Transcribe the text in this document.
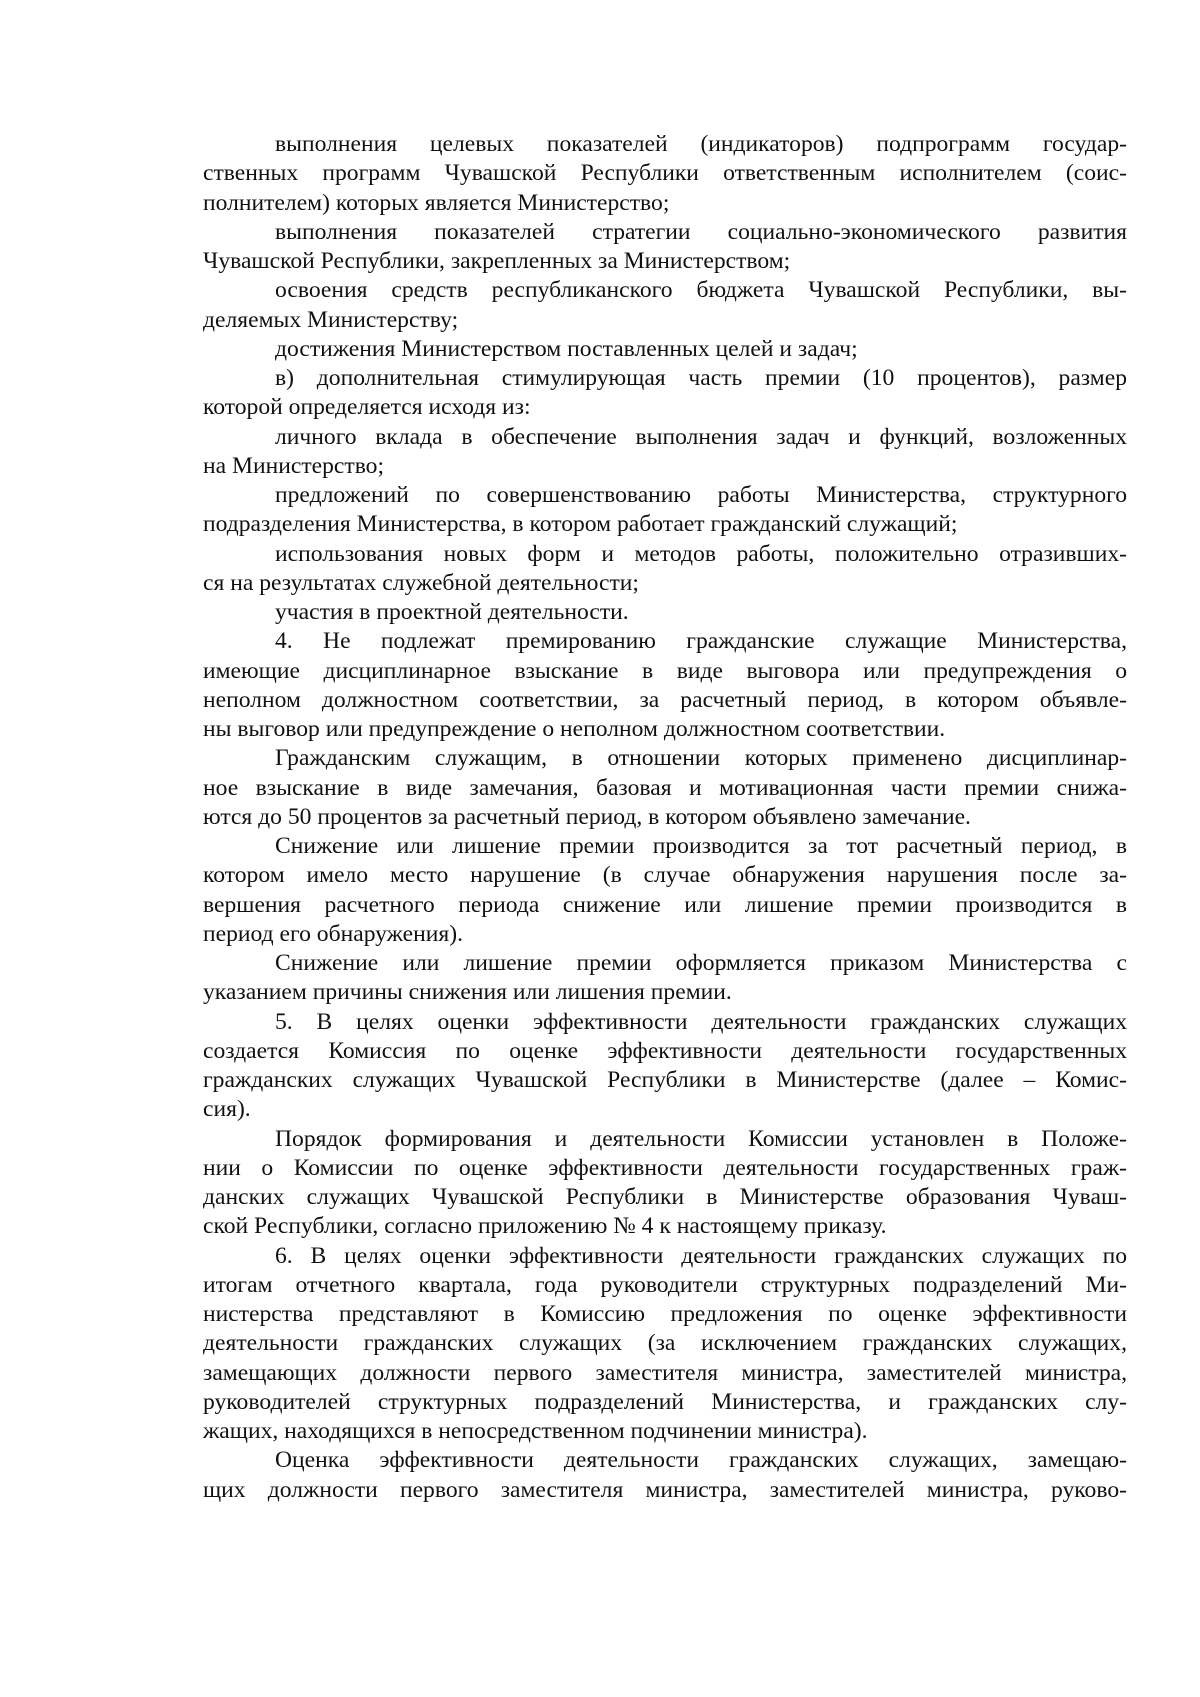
выполнения целевых показателей (индикаторов) подпрограмм государ-
ственных программ Чувашской Республики ответственным исполнителем (соис-
полнителем) которых является Министерство;
выполнения показателей стратегии социально-экономического развития
Чувашской Республики, закрепленных за Министерством;
освоения средств республиканского бюджета Чувашской Республики, вы-
деляемых Министерству;
достижения Министерством поставленных целей и задач;
в) дополнительная стимулирующая часть премии (10 процентов), размер
которой определяется исходя из:
личного вклада в обеспечение выполнения задач и функций, возложенных
на Министерство;
предложений по совершенствованию работы Министерства, структурного
подразделения Министерства, в котором работает гражданский служащий;
использования новых форм и методов работы, положительно отразивших-
ся на результатах служебной деятельности;
участия в проектной деятельности.
4. Не подлежат премированию гражданские служащие Министерства,
имеющие дисциплинарное взыскание в виде выговора или предупреждения о
неполном должностном соответствии, за расчетный период, в котором объявле-
ны выговор или предупреждение о неполном должностном соответствии.
Гражданским служащим, в отношении которых применено дисциплинар-
ное взыскание в виде замечания, базовая и мотивационная части премии снижа-
ются до 50 процентов за расчетный период, в котором объявлено замечание.
Снижение или лишение премии производится за тот расчетный период, в
котором имело место нарушение (в случае обнаружения нарушения после за-
вершения расчетного периода снижение или лишение премии производится в
период его обнаружения).
Снижение или лишение премии оформляется приказом Министерства с
указанием причины снижения или лишения премии.
5. В целях оценки эффективности деятельности гражданских служащих
создается Комиссия по оценке эффективности деятельности государственных
гражданских служащих Чувашской Республики в Министерстве (далее – Комис-
сия).
Порядок формирования и деятельности Комиссии установлен в Положе-
нии о Комиссии по оценке эффективности деятельности государственных граж-
данских служащих Чувашской Республики в Министерстве образования Чуваш-
ской Республики, согласно приложению № 4 к настоящему приказу.
6. В целях оценки эффективности деятельности гражданских служащих по
итогам отчетного квартала, года руководители структурных подразделений Ми-
нистерства представляют в Комиссию предложения по оценке эффективности
деятельности гражданских служащих (за исключением гражданских служащих,
замещающих должности первого заместителя министра, заместителей министра,
руководителей структурных подразделений Министерства, и гражданских слу-
жащих, находящихся в непосредственном подчинении министра).
Оценка эффективности деятельности гражданских служащих, замещаю-
щих должности первого заместителя министра, заместителей министра, руково-
